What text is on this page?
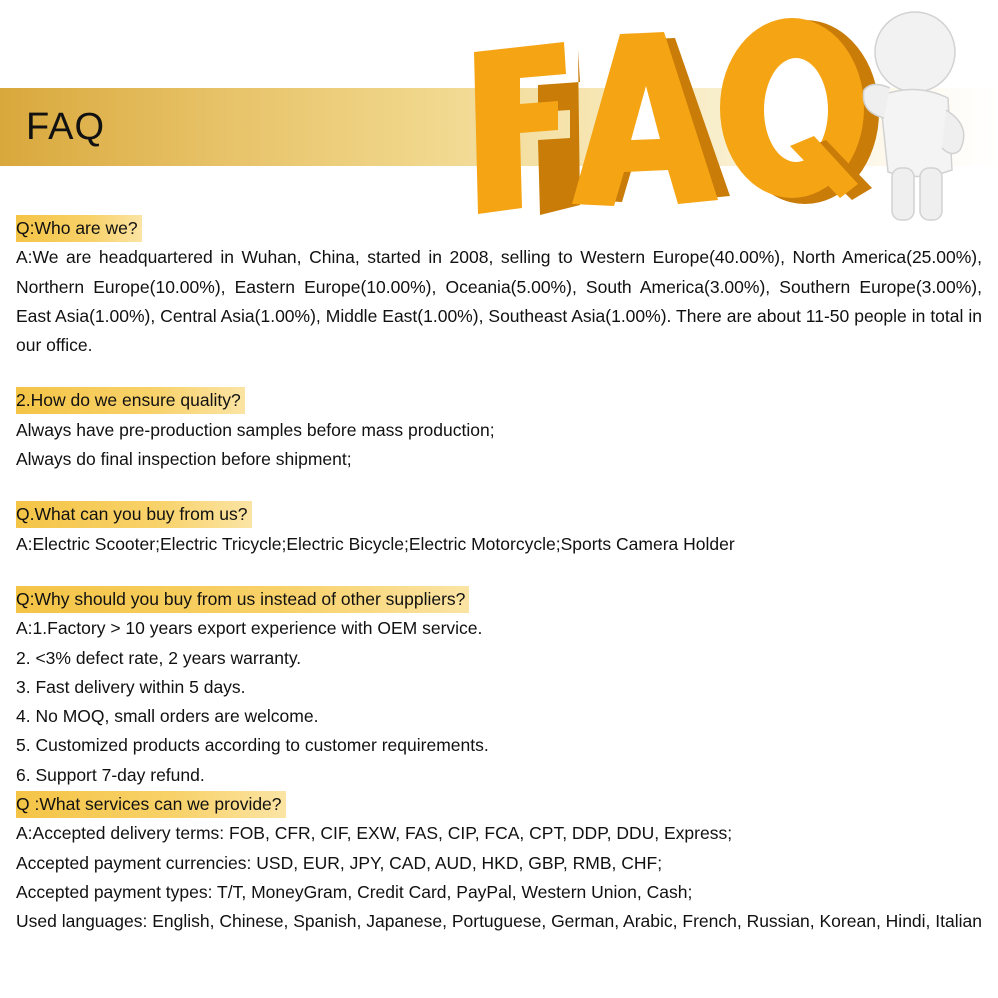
FAQ
Q:Who are we?
A:We are headquartered in Wuhan, China, started in 2008, selling to Western Europe(40.00%), North America(25.00%), Northern Europe(10.00%), Eastern Europe(10.00%), Oceania(5.00%), South America(3.00%), Southern Europe(3.00%), East Asia(1.00%), Central Asia(1.00%), Middle East(1.00%), Southeast Asia(1.00%). There are about 11-50 people in total in our office.
2.How do we ensure quality?
Always have pre-production samples before mass production;
Always do final inspection before shipment;
Q.What can you buy from us?
A:Electric Scooter;Electric Tricycle;Electric Bicycle;Electric Motorcycle;Sports Camera Holder
Q:Why should you buy from us instead of other suppliers?
A:1.Factory > 10 years export experience with OEM service.
2. <3% defect rate, 2 years warranty.
3. Fast delivery within 5 days.
4. No MOQ, small orders are welcome.
5. Customized products according to customer requirements.
6. Support 7-day refund.
Q :What services can we provide?
A:Accepted delivery terms: FOB, CFR, CIF, EXW, FAS, CIP, FCA, CPT, DDP, DDU, Express;
Accepted payment currencies: USD, EUR, JPY, CAD, AUD, HKD, GBP, RMB, CHF;
Accepted payment types: T/T, MoneyGram, Credit Card, PayPal, Western Union, Cash;
Used languages: English, Chinese, Spanish, Japanese, Portuguese, German, Arabic, French, Russian, Korean, Hindi, Italian
